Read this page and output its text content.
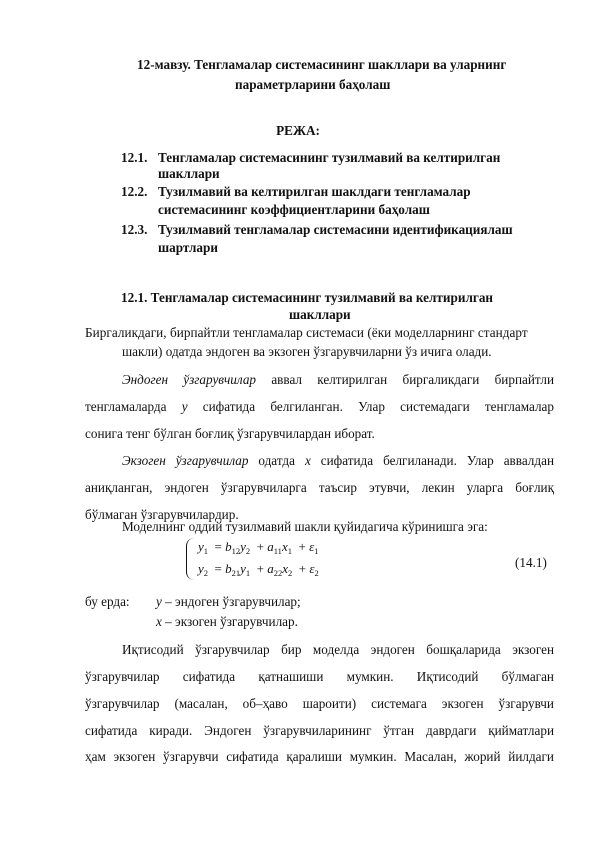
12-мавзу. Тенгламалар системасининг шакллари ва уларнинг
параметрларини баҳолаш
РЕЖА:
12.1. Тенгламалар системасининг тузилмавий ва келтирилган
шакллари
12.2. Тузилмавий ва келтирилган шаклдаги тенгламалар
системасининг коэффициентларини баҳолаш
12.3. Тузилмавий тенгламалар системасини идентификациялаш
шартлари
12.1. Тенгламалар системасининг тузилмавий ва келтирилган
шакллари
Биргаликдаги, бирпайтли тенгламалар системаси (ёки моделларнинг стандарт
шакли) одатда эндоген ва экзоген ўзгарувчиларни ўз ичига олади.
Эндоген ўзгарувчилар аввал келтирилган биргаликдаги бирпайтли
тенгламаларда y сифатида белгиланган. Улар системадаги тенгламалар
сонига тенг бўлган боғлиқ ўзгарувчилардан иборат.
Экзоген ўзгарувчилар одатда x сифатида белгиланади. Улар аввалдан
аниқланган, эндоген ўзгарувчиларга таъсир этувчи, лекин уларга боғлиқ
бўлмаган ўзгарувчилардир.
Моделнинг оддий тузилмавий шакли қуйидагича кўринишга эга:
$y_1 = b_{12}y_2 + a_{11}x_1 + \varepsilon_1$
$y_2 = b_{21}y_1 + a_{22}x_2 + \varepsilon_2$
(14.1)
бу ерда: y – эндоген ўзгарувчилар;
x – экзоген ўзгарувчилар.
Иқтисодий ўзгарувчилар бир моделда эндоген бошқаларида экзоген
ўзгарувчилар сифатида қатнашиши мумкин. Иқтисодий бўлмаган
ўзгарувчилар (масалан, об–ҳаво шароити) системага экзоген ўзгарувчи
сифатида киради. Эндоген ўзгарувчиларининг ўтган даврдаги қийматлари
ҳам экзоген ўзгарувчи сифатида қаралиши мумкин. Масалан, жорий йилдаги
